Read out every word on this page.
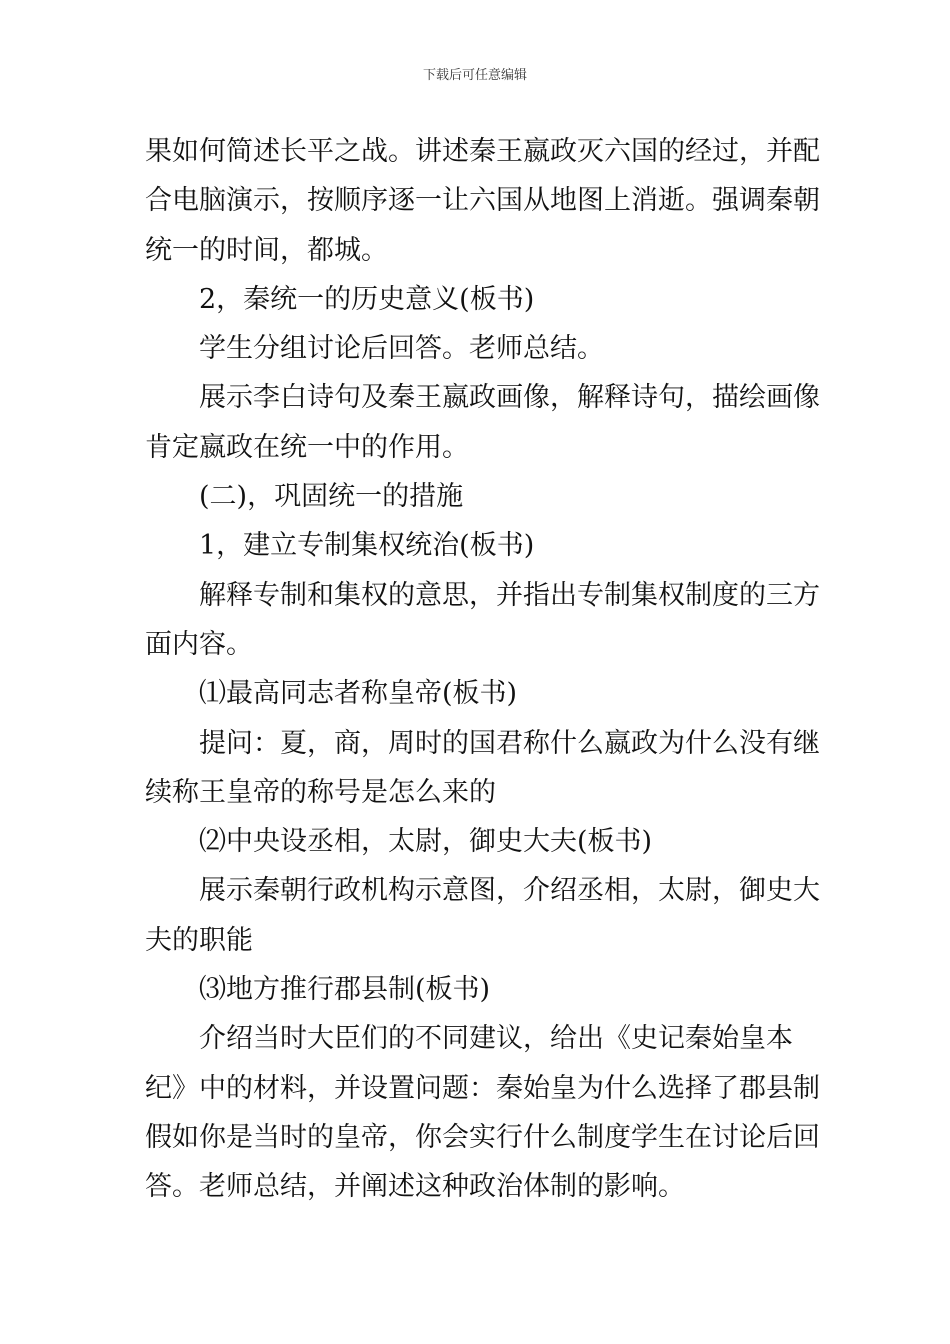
下载后可任意编辑
果如何简述长平之战。讲述秦王嬴政灭六国的经过，并配
合电脑演示，按顺序逐一让六国从地图上消逝。强调秦朝
统一的时间，都城。
2，秦统一的历史意义(板书)
学生分组讨论后回答。老师总结。
展示李白诗句及秦王嬴政画像，解释诗句，描绘画像
肯定嬴政在统一中的作用。
(二)，巩固统一的措施
1，建立专制集权统治(板书)
解释专制和集权的意思，并指出专制集权制度的三方
面内容。
⑴最高同志者称皇帝(板书)
提问：夏，商，周时的国君称什么嬴政为什么没有继
续称王皇帝的称号是怎么来的
⑵中央设丞相，太尉，御史大夫(板书)
展示秦朝行政机构示意图，介绍丞相，太尉，御史大
夫的职能
⑶地方推行郡县制(板书)
介绍当时大臣们的不同建议，给出《史记秦始皇本
纪》中的材料，并设置问题：秦始皇为什么选择了郡县制
假如你是当时的皇帝，你会实行什么制度学生在讨论后回
答。老师总结，并阐述这种政治体制的影响。
